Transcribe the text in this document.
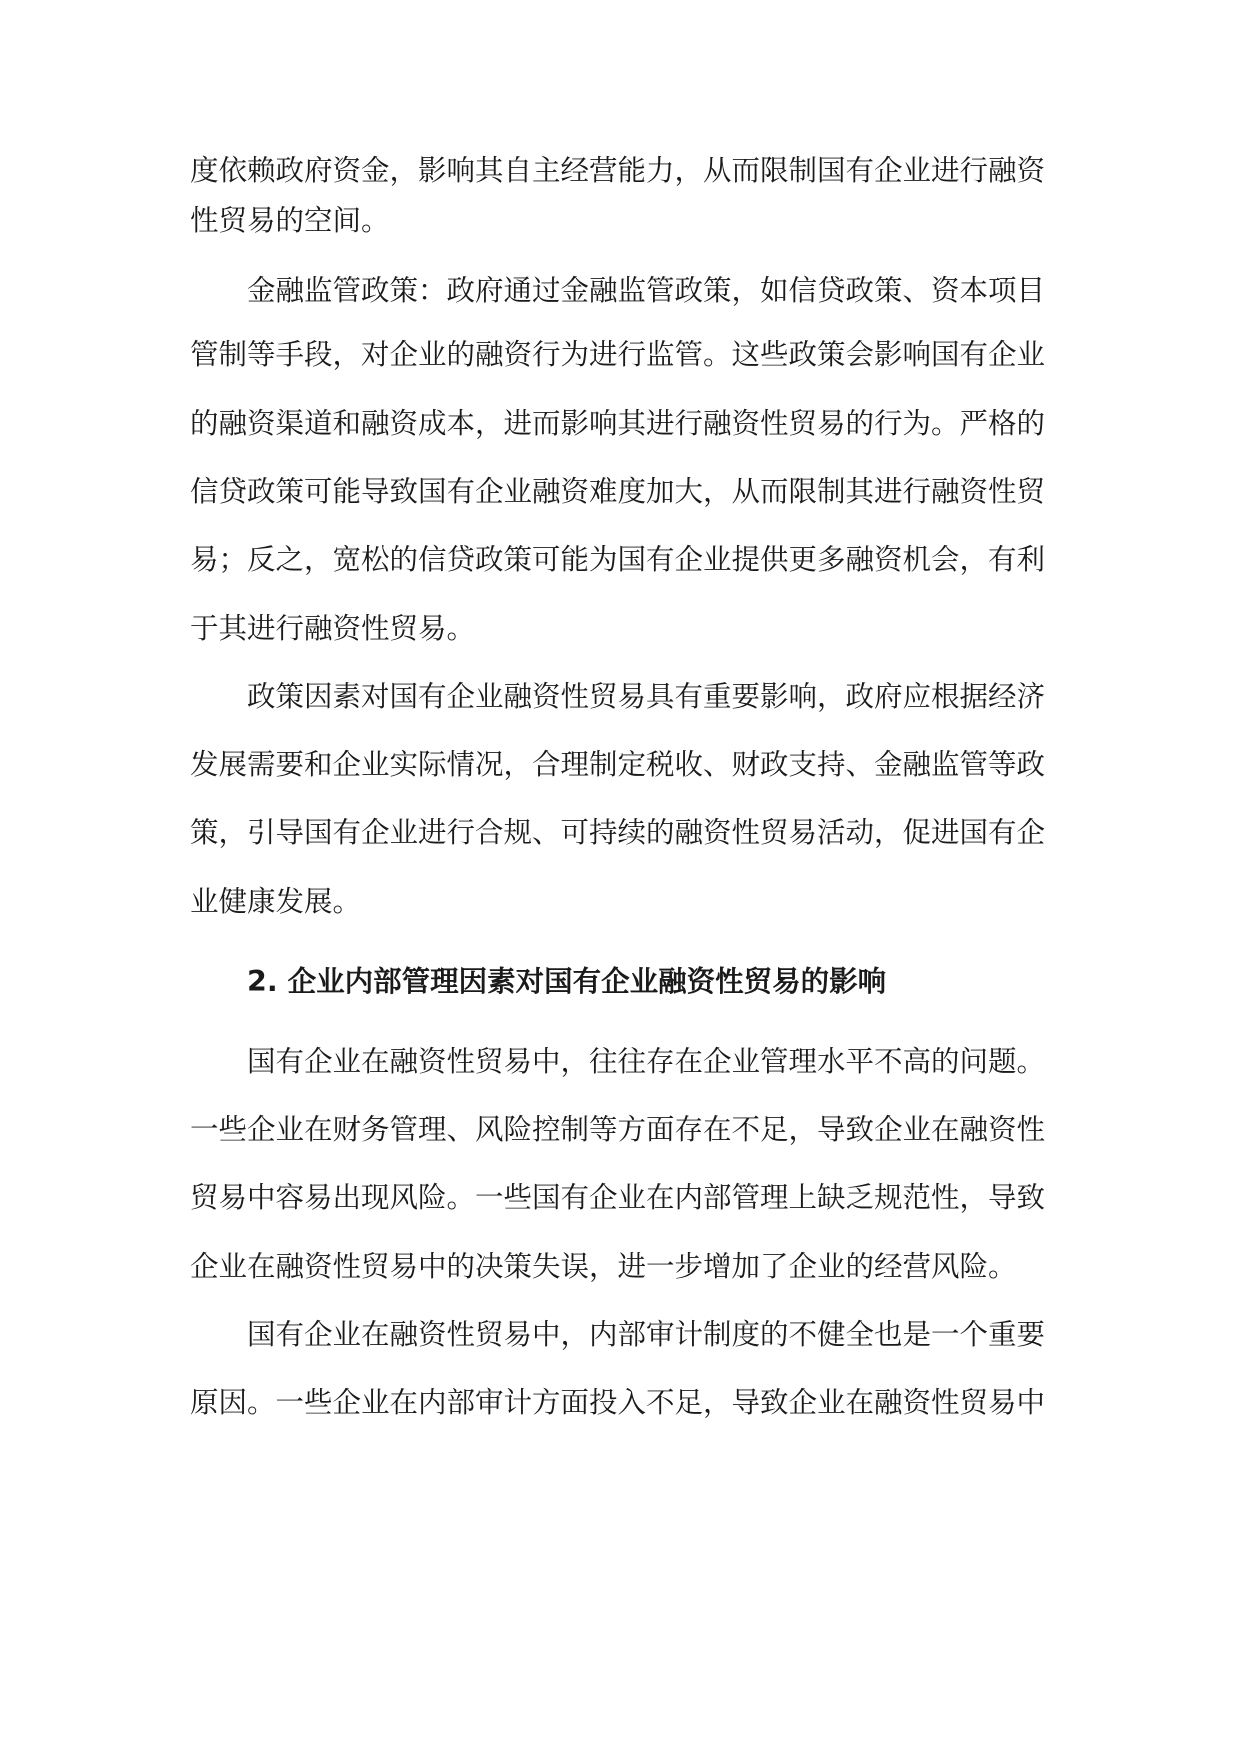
度依赖政府资金，影响其自主经营能力，从而限制国有企业进行融资
性贸易的空间。
金融监管政策：政府通过金融监管政策，如信贷政策、资本项目
管制等手段，对企业的融资行为进行监管。这些政策会影响国有企业
的融资渠道和融资成本，进而影响其进行融资性贸易的行为。严格的
信贷政策可能导致国有企业融资难度加大，从而限制其进行融资性贸
易；反之，宽松的信贷政策可能为国有企业提供更多融资机会，有利
于其进行融资性贸易。
政策因素对国有企业融资性贸易具有重要影响，政府应根据经济
发展需要和企业实际情况，合理制定税收、财政支持、金融监管等政
策，引导国有企业进行合规、可持续的融资性贸易活动，促进国有企
业健康发展。
2. 企业内部管理因素对国有企业融资性贸易的影响
国有企业在融资性贸易中，往往存在企业管理水平不高的问题。
一些企业在财务管理、风险控制等方面存在不足，导致企业在融资性
贸易中容易出现风险。一些国有企业在内部管理上缺乏规范性，导致
企业在融资性贸易中的决策失误，进一步增加了企业的经营风险。
国有企业在融资性贸易中，内部审计制度的不健全也是一个重要
原因。一些企业在内部审计方面投入不足，导致企业在融资性贸易中
